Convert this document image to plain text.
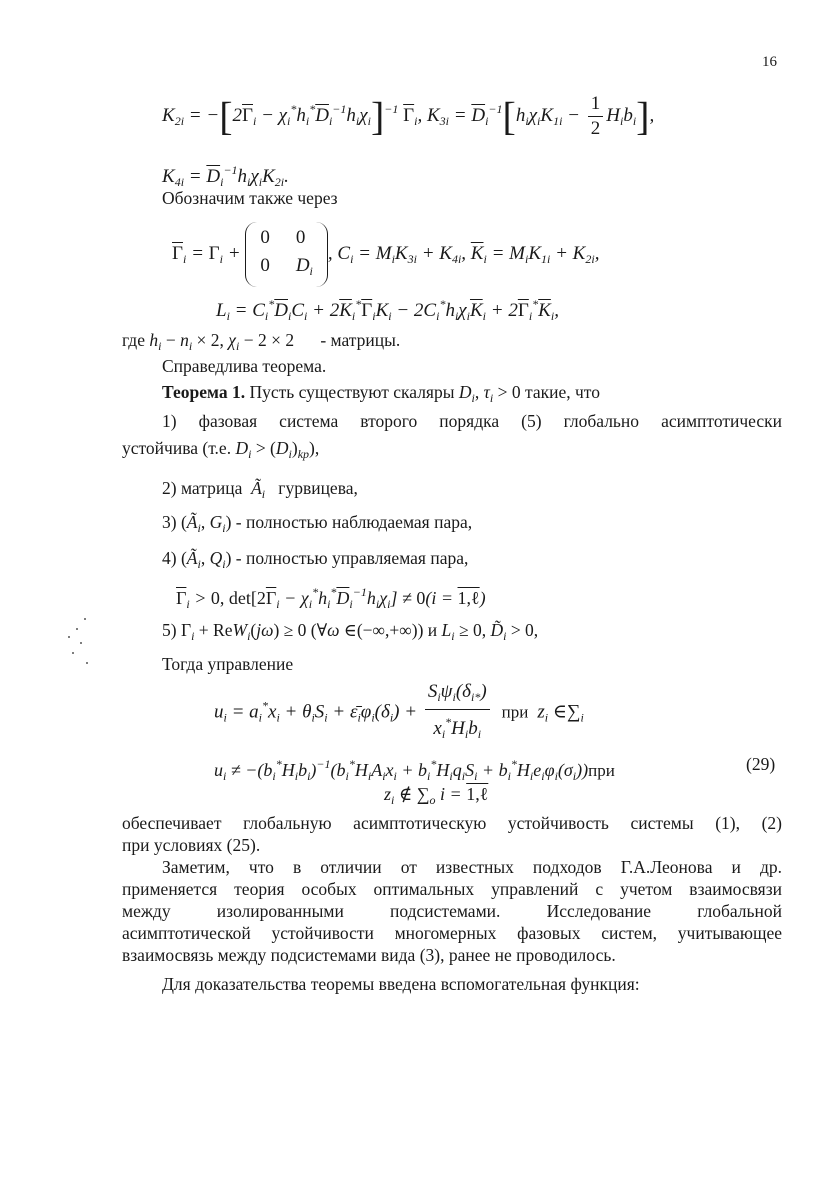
16
$K_{2i} = -[2\overline{\Gamma}_i - \chi_i^*h_i^*\overline{D}_i^{-1}h_i\chi_i]^{-1}$ $\overline{\Gamma}_i$, $K_{3i} = \overline{D}_i^{-1}[h_i\chi_iK_{1i} - \frac{1}{2} H_ib_i]$,
$K_{4i} = \overline{D}_i^{-1}h_i\chi_iK_{2i}$.
Обозначим также через
$\overline{\Gamma}_i = \Gamma_i$ +
0 0
0 $D_i$
, $C_i = M_iK_{3i} + K_{4i}$, $\overline{K}_i = M_iK_{1i} + K_{2i}$,
$L_i = C_i^*\overline{D}_iC_i + 2\overline{K}_i^*\overline{\Gamma}_iK_i - 2C_i^*h_i\chi_i\overline{K}_i + 2\overline{\Gamma}_i^*\overline{K}_i$,
где $h_i - n_i \times 2$, $\chi_i - 2 \times 2$      - матрицы.
Справедлива теорема.
Теорема 1. Пусть существуют скаляры $D_i$, $\tau_i > 0$ такие, что
1) фазовая система второго порядка (5) глобально асимптотически
устойчива (т.е. $D_i > (D_i)_{kp}$),
2) матрица  $Ã_i$   гурвицева,
3) ($Ã_i$, $G_i$) - полностью наблюдаемая пара,
4) ($Ã_i$, $Q_i$) - полностью управляемая пара,
$\overline{\Gamma}_i > 0$, $\det[2\overline{\Gamma}_i - \chi_i^*h_i^*\overline{D}_i^{-1}h_i\chi_i] \ne 0(i$ = 1,ℓ)
5) $\Gamma_i + ReW_i(j\omega) \ge 0$ (∀ω ∈(−∞,+∞)) и $L_i \ge 0$, $D̃_i > 0$,
Тогда управление
$u_i = a_i^*x_i + \theta_iS_i$ + $\varepsilon̄_i\varphi_i(\delta_i) + \frac{S_i\psi_i(\delta_{i*})}{x_i^*H_ib_i}$ при  $z_i$ $\in\sum_i$
$u_i \ne -(b_i^*H_ib_i)^{-1}(b_i^*H_iA_ix_i + b_i^*H_iq_iS_i + b_i^*H_ie_i\varphi_i(\sigma_i))при$	(29)
$z_i$ ∉ $\sum_o$ i = 1,ℓ
обеспечивает глобальную асимптотическую устойчивость системы (1), (2)
при условиях (25).
Заметим, что в отличии от известных подходов Г.А.Леонова и др.
применяется теория особых оптимальных управлений с учетом взаимосвязи
между изолированными подсистемами. Исследование глобальной
асимптотической устойчивости многомерных фазовых систем, учитывающее
взаимосвязь между подсистемами вида (3), ранее не проводилось.
Для доказательства теоремы введена вспомогательная функция:
